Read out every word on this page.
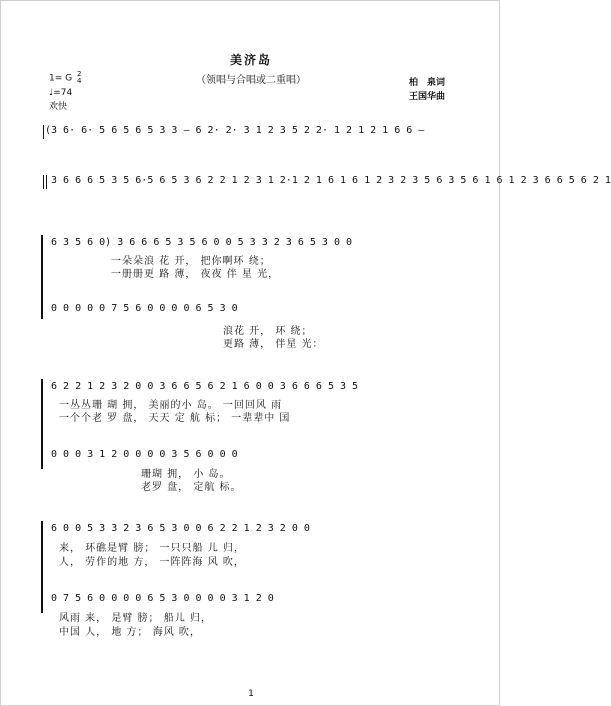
美济岛
（领唱与合唱或二重唱）
1= G 2
4
♩=74
欢快
柏　泉词
王国华曲
(3 6· 6· 5 6 5 6 5 3 3 – 6 2· 2· 3 1 2 3 5 2 2· 1 2 1 2 1 6 6 –
3 6 6 6 5 3 5 6·5 6 5 3 6 2 2 1 2 3 1 2·1 2 1 6 1 6 1 2 3 2 3 5 6 3 5 6 1 6 1 2 3 6 6 5 6 2 1
6 3 5 6 0) 3 6 6 6 5 3 5 6 0 0 5 3 3 2 3 6 5 3 0 0
一朵朵浪 花 开， 把你啊环 绕；
一册册更 路 薄， 夜夜 伴 星 光，
0 0 0 0 0 7 5 6 0 0 0 0 6 5 3 0
浪花 开， 环 绕；
更路 薄， 伴星 光：
6 2 2 1 2 3 2 0 0 3 6 6 5 6 2 1 6 0 0 3 6 6 6 5 3 5
一丛丛珊 瑚 拥， 美丽的小 岛。 一回回风 雨
一个个老 罗 盘， 天天 定 航 标； 一辈辈中 国
0 0 0 3 1 2 0 0 0 0 3 5 6 0 0 0
珊瑚 拥， 小 岛。
老罗 盘， 定航 标。
6 0 0 5 3 3 2 3 6 5 3 0 0 6 2 2 1 2 3 2 0 0
来， 环礁是臂 膀； 一只只船 儿 归，
人， 劳作的地 方， 一阵阵海 风 吹，
0 7 5 6 0 0 0 0 6 5 3 0 0 0 0 3 1 2 0
风雨 来， 是臂 膀； 船儿 归，
中国 人， 地 方； 海风 吹，
1
